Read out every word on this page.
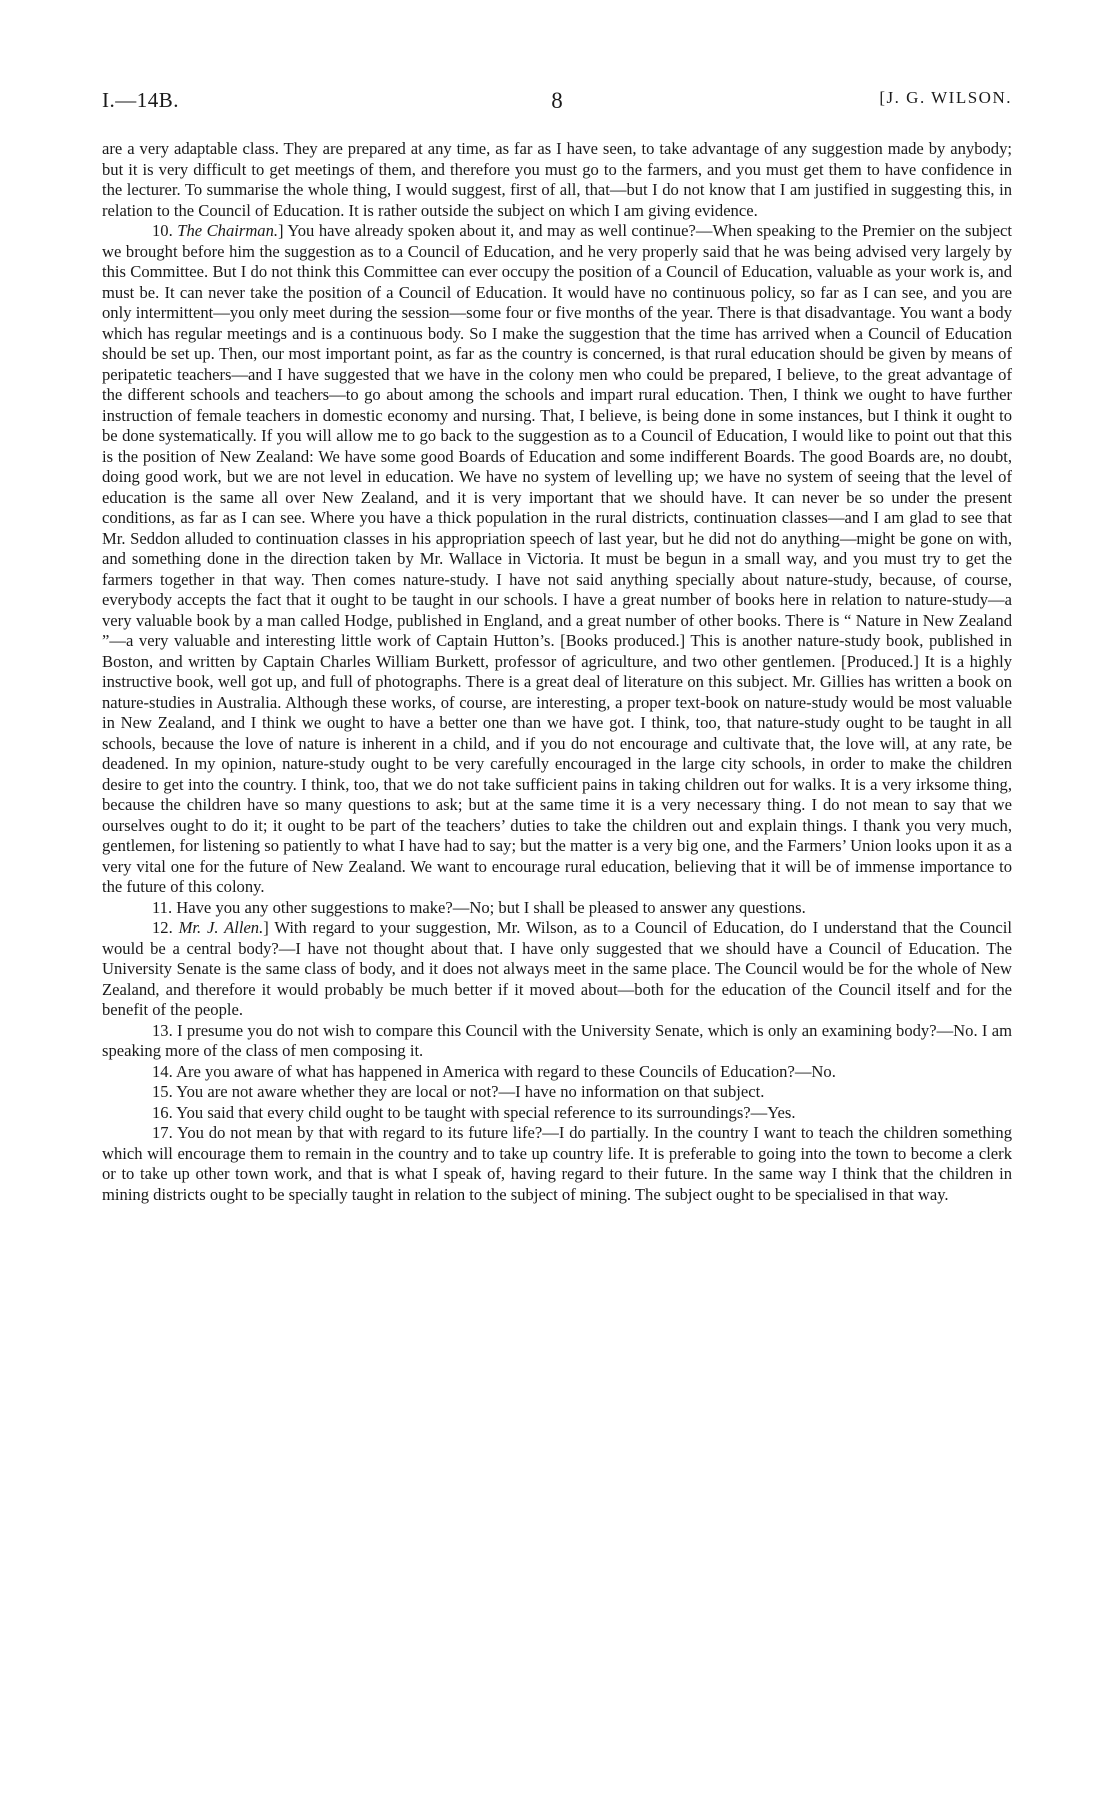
I.—14B.	8	[J. G. WILSON.

are a very adaptable class. They are prepared at any time, as far as I have seen, to take advantage of any suggestion made by anybody; but it is very difficult to get meetings of them, and therefore you must go to the farmers, and you must get them to have confidence in the lecturer. To summarise the whole thing, I would suggest, first of all, that—but I do not know that I am justified in suggesting this, in relation to the Council of Education. It is rather outside the subject on which I am giving evidence.

10. The Chairman.] You have already spoken about it, and may as well continue?—When speaking to the Premier on the subject we brought before him the suggestion as to a Council of Education, and he very properly said that he was being advised very largely by this Committee. But I do not think this Committee can ever occupy the position of a Council of Education, valuable as your work is, and must be. It can never take the position of a Council of Education. It would have no continuous policy, so far as I can see, and you are only intermittent—you only meet during the session—some four or five months of the year. There is that disadvantage. You want a body which has regular meetings and is a continuous body. So I make the suggestion that the time has arrived when a Council of Education should be set up. Then, our most important point, as far as the country is concerned, is that rural education should be given by means of peripatetic teachers—and I have suggested that we have in the colony men who could be prepared, I believe, to the great advantage of the different schools and teachers—to go about among the schools and impart rural education. Then, I think we ought to have further instruction of female teachers in domestic economy and nursing. That, I believe, is being done in some instances, but I think it ought to be done systematically. If you will allow me to go back to the suggestion as to a Council of Education, I would like to point out that this is the position of New Zealand: We have some good Boards of Education and some indifferent Boards. The good Boards are, no doubt, doing good work, but we are not level in education. We have no system of levelling up; we have no system of seeing that the level of education is the same all over New Zealand, and it is very important that we should have. It can never be so under the present conditions, as far as I can see. Where you have a thick population in the rural districts, continuation classes—and I am glad to see that Mr. Seddon alluded to continuation classes in his appropriation speech of last year, but he did not do anything—might be gone on with, and something done in the direction taken by Mr. Wallace in Victoria. It must be begun in a small way, and you must try to get the farmers together in that way. Then comes nature-study. I have not said anything specially about nature-study, because, of course, everybody accepts the fact that it ought to be taught in our schools. I have a great number of books here in relation to nature-study—a very valuable book by a man called Hodge, published in England, and a great number of other books. There is “ Nature in New Zealand ”—a very valuable and interesting little work of Captain Hutton’s. [Books produced.] This is another nature-study book, published in Boston, and written by Captain Charles William Burkett, professor of agriculture, and two other gentlemen. [Produced.] It is a highly instructive book, well got up, and full of photographs. There is a great deal of literature on this subject. Mr. Gillies has written a book on nature-studies in Australia. Although these works, of course, are interesting, a proper text-book on nature-study would be most valuable in New Zealand, and I think we ought to have a better one than we have got. I think, too, that nature-study ought to be taught in all schools, because the love of nature is inherent in a child, and if you do not encourage and cultivate that, the love will, at any rate, be deadened. In my opinion, nature-study ought to be very carefully encouraged in the large city schools, in order to make the children desire to get into the country. I think, too, that we do not take sufficient pains in taking children out for walks. It is a very irksome thing, because the children have so many questions to ask; but at the same time it is a very necessary thing. I do not mean to say that we ourselves ought to do it; it ought to be part of the teachers’ duties to take the children out and explain things. I thank you very much, gentlemen, for listening so patiently to what I have had to say; but the matter is a very big one, and the Farmers’ Union looks upon it as a very vital one for the future of New Zealand. We want to encourage rural education, believing that it will be of immense importance to the future of this colony.

11. Have you any other suggestions to make?—No; but I shall be pleased to answer any questions.

12. Mr. J. Allen.] With regard to your suggestion, Mr. Wilson, as to a Council of Education, do I understand that the Council would be a central body?—I have not thought about that. I have only suggested that we should have a Council of Education. The University Senate is the same class of body, and it does not always meet in the same place. The Council would be for the whole of New Zealand, and therefore it would probably be much better if it moved about—both for the education of the Council itself and for the benefit of the people.

13. I presume you do not wish to compare this Council with the University Senate, which is only an examining body?—No. I am speaking more of the class of men composing it.

14. Are you aware of what has happened in America with regard to these Councils of Education?—No.

15. You are not aware whether they are local or not?—I have no information on that subject.

16. You said that every child ought to be taught with special reference to its surroundings?—Yes.

17. You do not mean by that with regard to its future life?—I do partially. In the country I want to teach the children something which will encourage them to remain in the country and to take up country life. It is preferable to going into the town to become a clerk or to take up other town work, and that is what I speak of, having regard to their future. In the same way I think that the children in mining districts ought to be specially taught in relation to the subject of mining. The subject ought to be specialised in that way.
